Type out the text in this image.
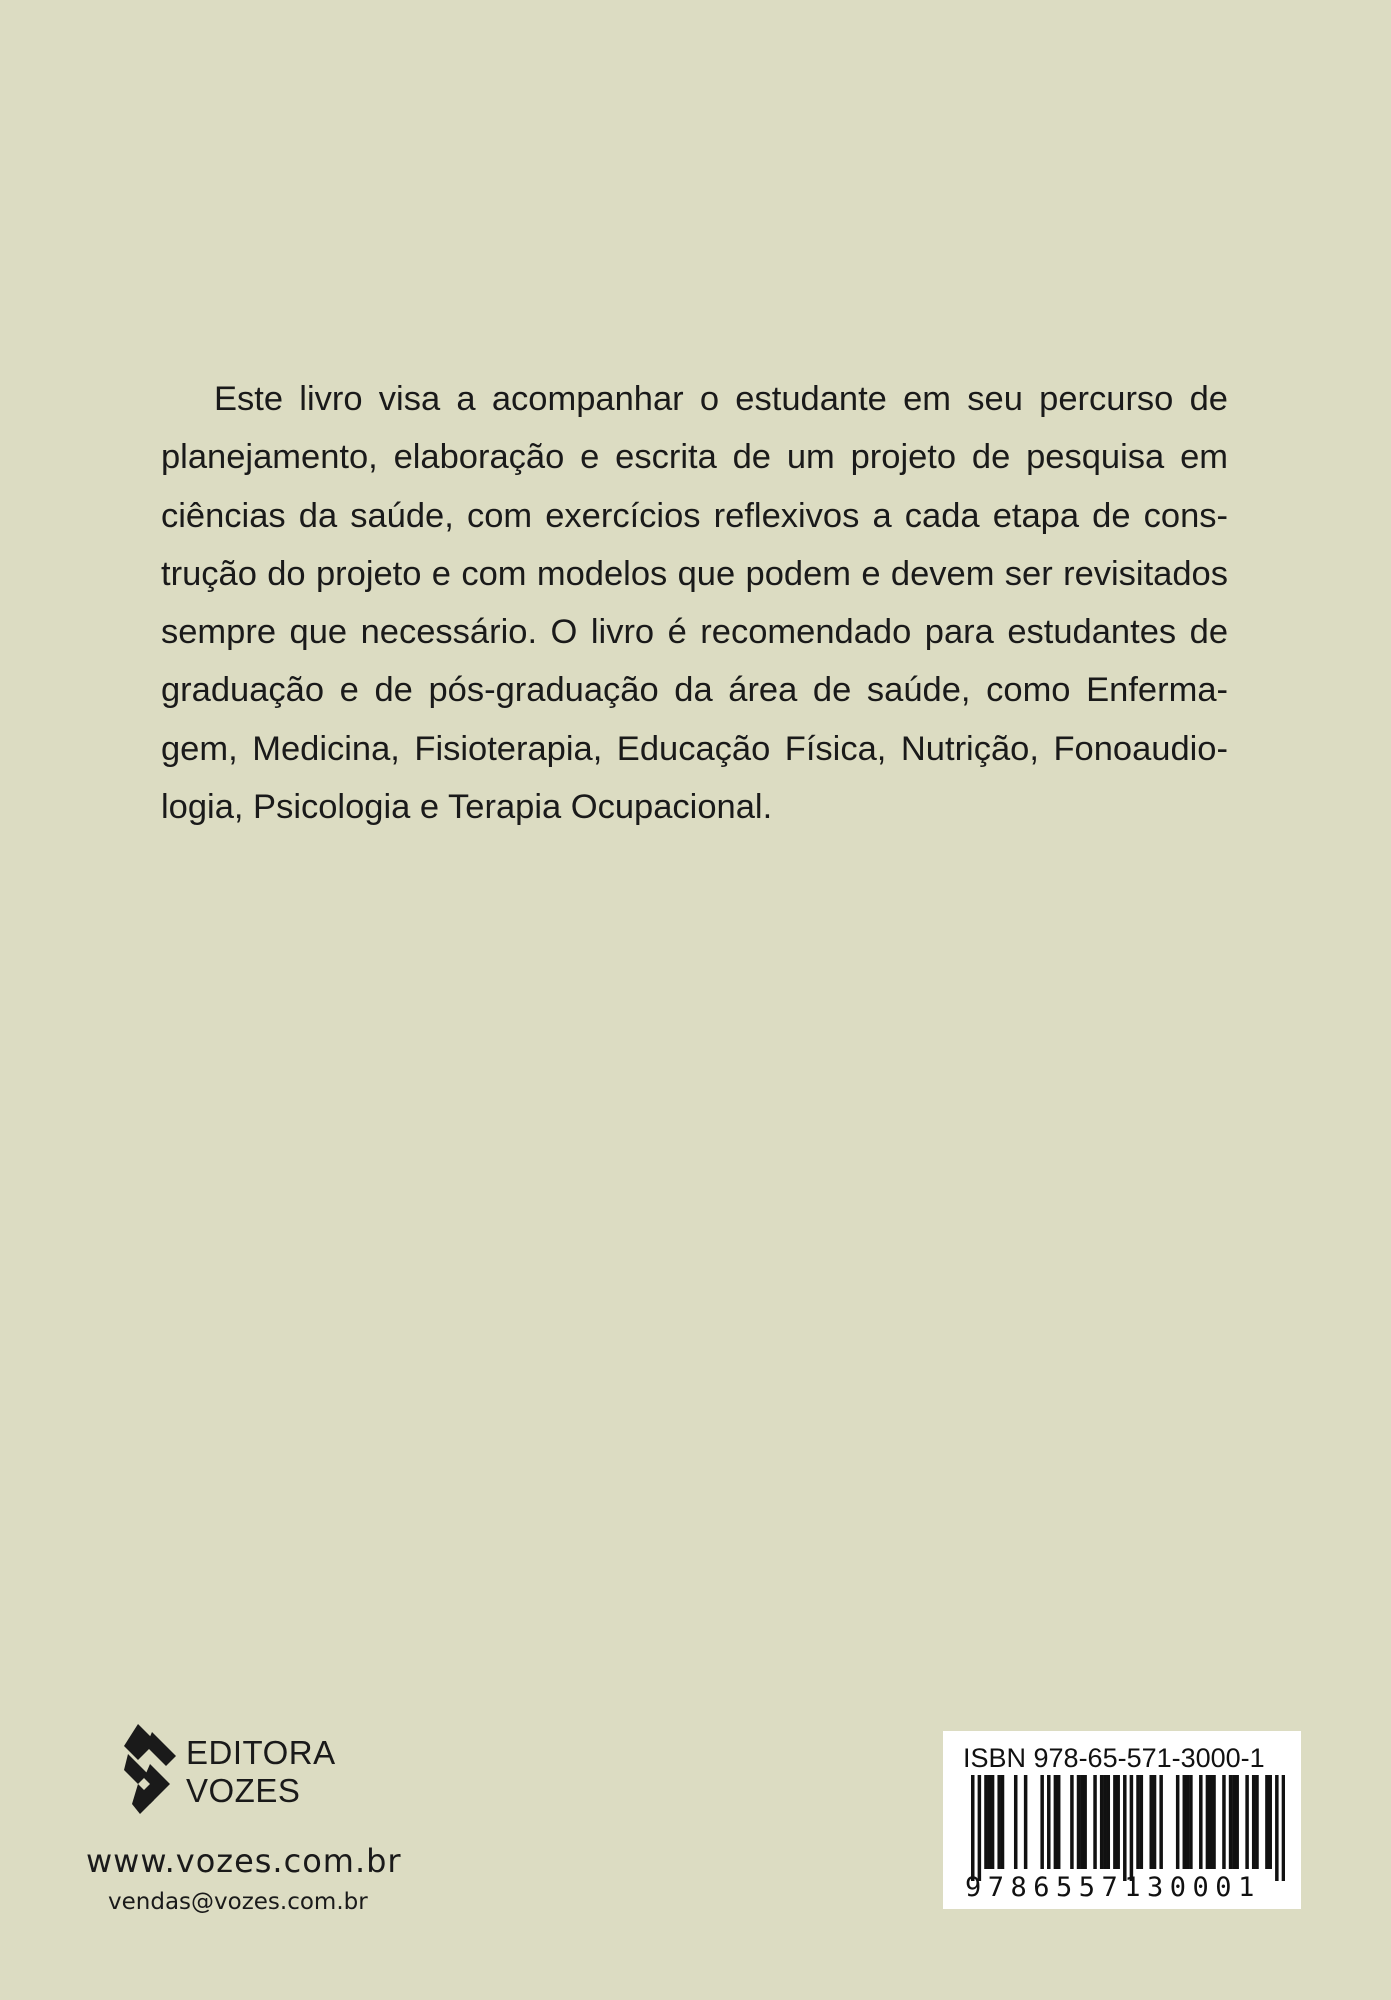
Este livro visa a acompanhar o estudante em seu percurso de
planejamento, elaboração e escrita de um projeto de pesquisa em
ciências da saúde, com exercícios reflexivos a cada etapa de cons-
trução do projeto e com modelos que podem e devem ser revisitados
sempre que necessário. O livro é recomendado para estudantes de
graduação e de pós-graduação da área de saúde, como Enferma-
gem, Medicina, Fisioterapia, Educação Física, Nutrição, Fonoaudio-
logia, Psicologia e Terapia Ocupacional.
EDITORA
VOZES
www.vozes.com.br
vendas@vozes.com.br
ISBN 978-65-571-3000-1
9786557130001
